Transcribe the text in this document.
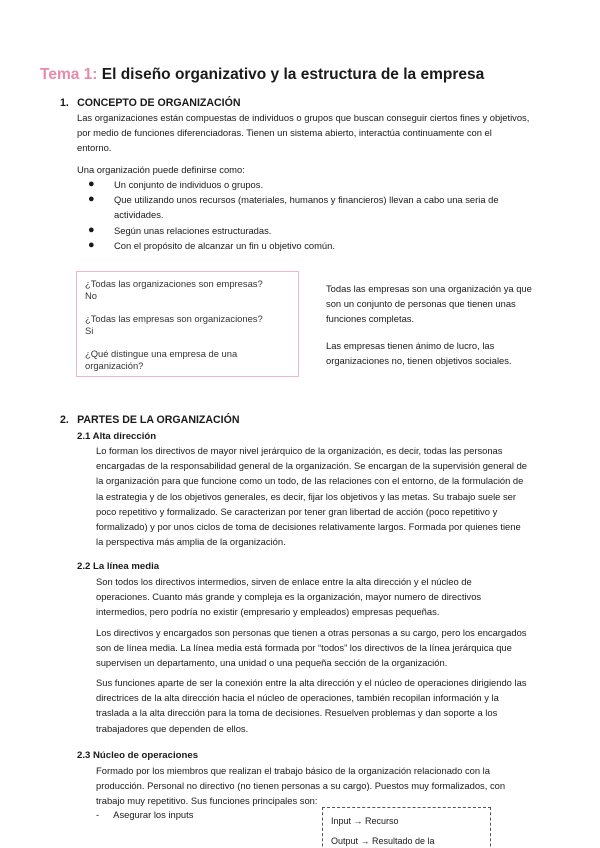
Tema 1: El diseño organizativo y la estructura de la empresa
1.  CONCEPTO DE ORGANIZACIÓN
Las organizaciones están compuestas de individuos o grupos que buscan conseguir ciertos fines y objetivos,
por medio de funciones diferenciadoras. Tienen un sistema abierto, interactúa continuamente con el
entorno.
Una organización puede definirse como:
● Un conjunto de individuos o grupos.
● Que utilizando unos recursos (materiales, humanos y financieros) llevan a cabo una seria de
actividades.
● Según unas relaciones estructuradas.
● Con el propósito de alcanzar un fin u objetivo común.
¿Todas las organizaciones son empresas?
No
¿Todas las empresas son organizaciones?
Si
¿Qué distingue una empresa de una
organización?
Todas las empresas son una organización ya que
son un conjunto de personas que tienen unas
funciones completas.
Las empresas tienen ánimo de lucro, las
organizaciones no, tienen objetivos sociales.
2.  PARTES DE LA ORGANIZACIÓN
2.1 Alta dirección
Lo forman los directivos de mayor nivel jerárquico de la organización, es decir, todas las personas
encargadas de la responsabilidad general de la organización. Se encargan de la supervisión general de
la organización para que funcione como un todo, de las relaciones con el entorno, de la formulación de
la estrategia y de los objetivos generales, es decir, fijar los objetivos y las metas. Su trabajo suele ser
poco repetitivo y formalizado. Se caracterizan por tener gran libertad de acción (poco repetitivo y
formalizado) y por unos ciclos de toma de decisiones relativamente largos. Formada por quienes tiene
la perspectiva más amplia de la organización.
2.2 La línea media
Son todos los directivos intermedios, sirven de enlace entre la alta dirección y el núcleo de
operaciones. Cuanto más grande y compleja es la organización, mayor numero de directivos
intermedios, pero podría no existir (empresario y empleados) empresas pequeñas.
Los directivos y encargados son personas que tienen a otras personas a su cargo, pero los encargados
son de línea media. La línea media está formada por “todos” los directivos de la línea jerárquica que
supervisen un departamento, una unidad o una pequeña sección de la organización.
Sus funciones aparte de ser la conexión entre la alta dirección y el núcleo de operaciones dirigiendo las
directrices de la alta dirección hacia el núcleo de operaciones, también recopilan información y la
traslada a la alta dirección para la toma de decisiones. Resuelven problemas y dan soporte a los
trabajadores que dependen de ellos.
2.3 Núcleo de operaciones
Formado por los miembros que realizan el trabajo básico de la organización relacionado con la
producción. Personal no directivo (no tienen personas a su cargo). Puestos muy formalizados, con
trabajo muy repetitivo. Sus funciones principales son:
-  Asegurar los inputs
Input → Recurso
Output → Resultado de la
